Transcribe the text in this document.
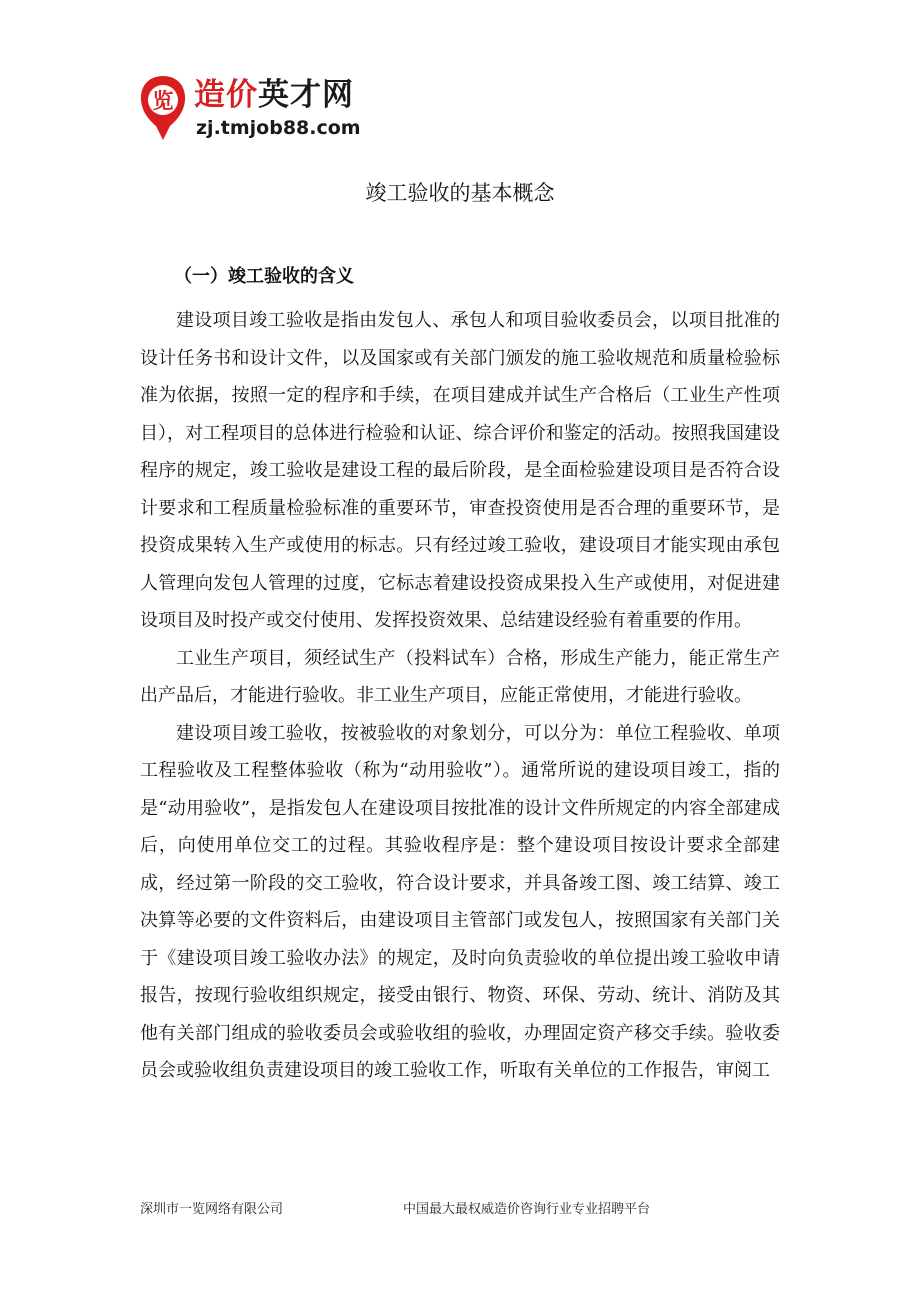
览 造价英才网
zj.tmjob88.com
竣工验收的基本概念
（一）竣工验收的含义

建设项目竣工验收是指由发包人、承包人和项目验收委员会，以项目批准的设计任务书和设计文件，以及国家或有关部门颁发的施工验收规范和质量检验标准为依据，按照一定的程序和手续，在项目建成并试生产合格后（工业生产性项目），对工程项目的总体进行检验和认证、综合评价和鉴定的活动。按照我国建设程序的规定，竣工验收是建设工程的最后阶段，是全面检验建设项目是否符合设计要求和工程质量检验标准的重要环节，审查投资使用是否合理的重要环节，是投资成果转入生产或使用的标志。只有经过竣工验收，建设项目才能实现由承包人管理向发包人管理的过度，它标志着建设投资成果投入生产或使用，对促进建设项目及时投产或交付使用、发挥投资效果、总结建设经验有着重要的作用。

工业生产项目，须经试生产（投料试车）合格，形成生产能力，能正常生产出产品后，才能进行验收。非工业生产项目，应能正常使用，才能进行验收。

建设项目竣工验收，按被验收的对象划分，可以分为：单位工程验收、单项工程验收及工程整体验收（称为“动用验收”）。通常所说的建设项目竣工，指的是“动用验收”，是指发包人在建设项目按批准的设计文件所规定的内容全部建成后，向使用单位交工的过程。其验收程序是：整个建设项目按设计要求全部建成，经过第一阶段的交工验收，符合设计要求，并具备竣工图、竣工结算、竣工决算等必要的文件资料后，由建设项目主管部门或发包人，按照国家有关部门关于《建设项目竣工验收办法》的规定，及时向负责验收的单位提出竣工验收申请报告，按现行验收组织规定，接受由银行、物资、环保、劳动、统计、消防及其他有关部门组成的验收委员会或验收组的验收，办理固定资产移交手续。验收委员会或验收组负责建设项目的竣工验收工作，听取有关单位的工作报告，审阅工

深圳市一览网络有限公司	中国最大最权威造价咨询行业专业招聘平台
